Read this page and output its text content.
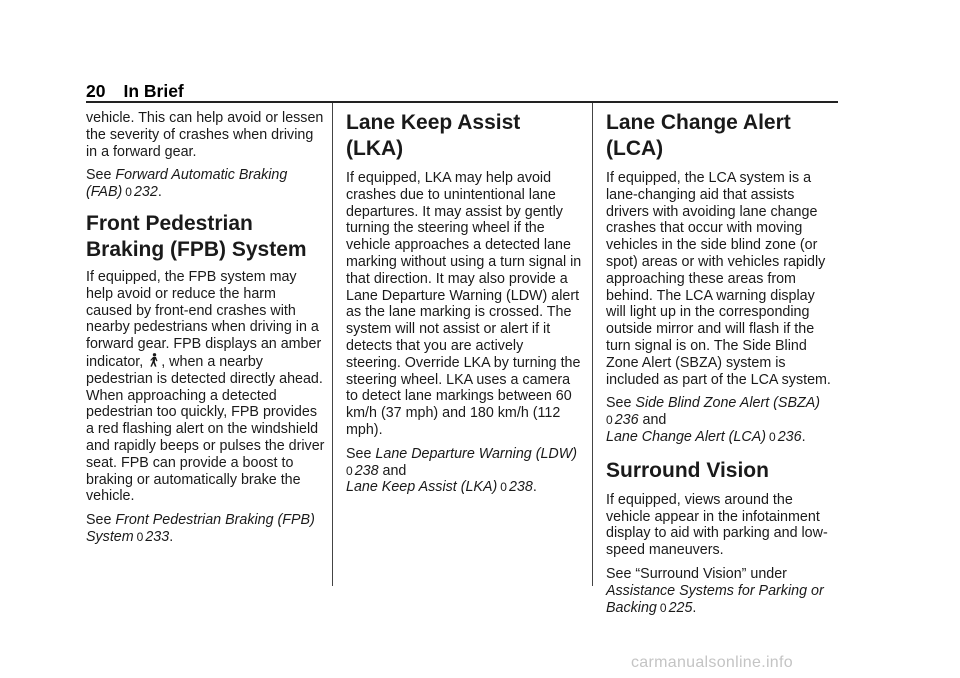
20 In Brief

vehicle. This can help avoid or lessen the severity of crashes when driving in a forward gear.

See Forward Automatic Braking (FAB) 0 232.

Front Pedestrian Braking (FPB) System

If equipped, the FPB system may help avoid or reduce the harm caused by front-end crashes with nearby pedestrians when driving in a forward gear. FPB displays an amber indicator, , when a nearby pedestrian is detected directly ahead. When approaching a detected pedestrian too quickly, FPB provides a red flashing alert on the windshield and rapidly beeps or pulses the driver seat. FPB can provide a boost to braking or automatically brake the vehicle.

See Front Pedestrian Braking (FPB) System 0 233.

Lane Keep Assist (LKA)

If equipped, LKA may help avoid crashes due to unintentional lane departures. It may assist by gently turning the steering wheel if the vehicle approaches a detected lane marking without using a turn signal in that direction. It may also provide a Lane Departure Warning (LDW) alert as the lane marking is crossed. The system will not assist or alert if it detects that you are actively steering. Override LKA by turning the steering wheel. LKA uses a camera to detect lane markings between 60 km/h (37 mph) and 180 km/h (112 mph).

See Lane Departure Warning (LDW)
0 238 and
Lane Keep Assist (LKA) 0 238.

Lane Change Alert (LCA)

If equipped, the LCA system is a lane-changing aid that assists drivers with avoiding lane change crashes that occur with moving vehicles in the side blind zone (or spot) areas or with vehicles rapidly approaching these areas from behind. The LCA warning display will light up in the corresponding outside mirror and will flash if the turn signal is on. The Side Blind Zone Alert (SBZA) system is included as part of the LCA system.

See Side Blind Zone Alert (SBZA)
0 236 and
Lane Change Alert (LCA) 0 236.

Surround Vision

If equipped, views around the vehicle appear in the infotainment display to aid with parking and low-speed maneuvers.

See “Surround Vision” under Assistance Systems for Parking or Backing 0 225.

carmanualsonline.info
